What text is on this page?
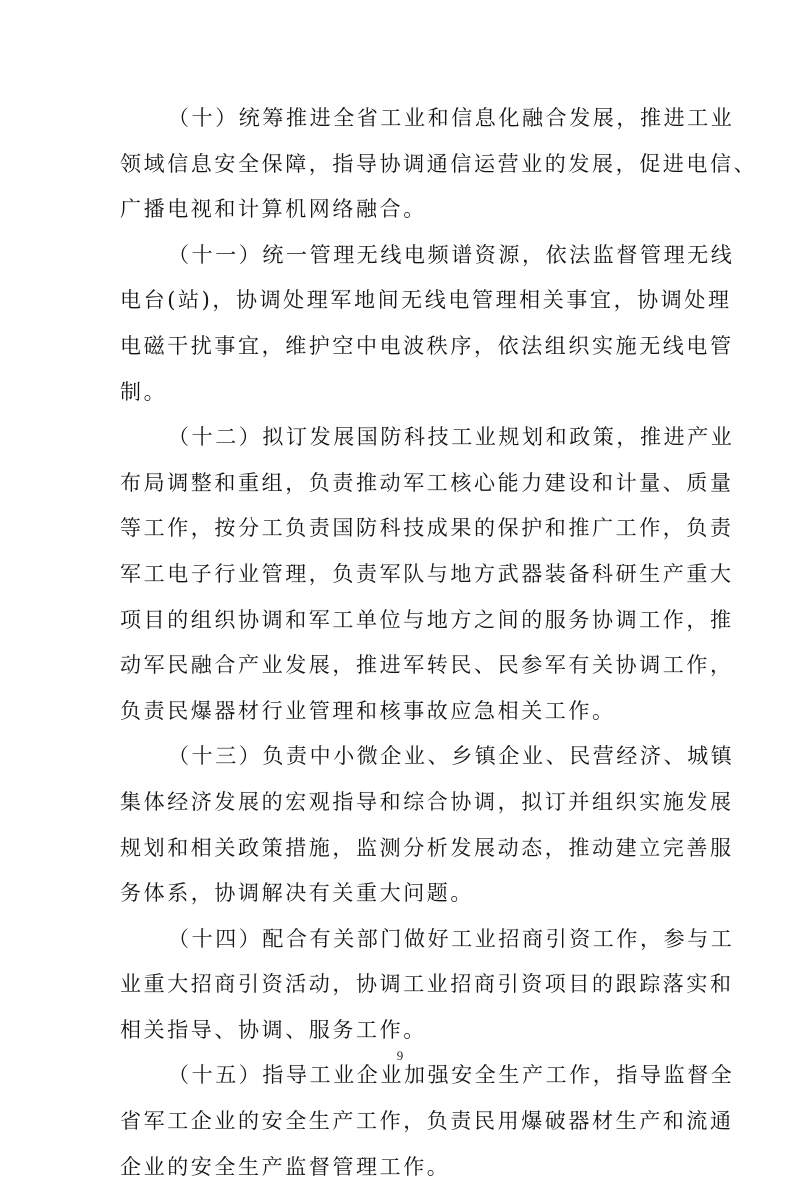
（十）统筹推进全省工业和信息化融合发展，推进工业
领域信息安全保障，指导协调通信运营业的发展，促进电信、
广播电视和计算机网络融合。
（十一）统一管理无线电频谱资源，依法监督管理无线
电台(站)，协调处理军地间无线电管理相关事宜，协调处理
电磁干扰事宜，维护空中电波秩序，依法组织实施无线电管
制。
（十二）拟订发展国防科技工业规划和政策，推进产业
布局调整和重组，负责推动军工核心能力建设和计量、质量
等工作，按分工负责国防科技成果的保护和推广工作，负责
军工电子行业管理，负责军队与地方武器装备科研生产重大
项目的组织协调和军工单位与地方之间的服务协调工作，推
动军民融合产业发展，推进军转民、民参军有关协调工作，
负责民爆器材行业管理和核事故应急相关工作。
（十三）负责中小微企业、乡镇企业、民营经济、城镇
集体经济发展的宏观指导和综合协调，拟订并组织实施发展
规划和相关政策措施，监测分析发展动态，推动建立完善服
务体系，协调解决有关重大问题。
（十四）配合有关部门做好工业招商引资工作，参与工
业重大招商引资活动，协调工业招商引资项目的跟踪落实和
相关指导、协调、服务工作。
（十五）指导工业企业加强安全生产工作，指导监督全
省军工企业的安全生产工作，负责民用爆破器材生产和流通
企业的安全生产监督管理工作。
9
